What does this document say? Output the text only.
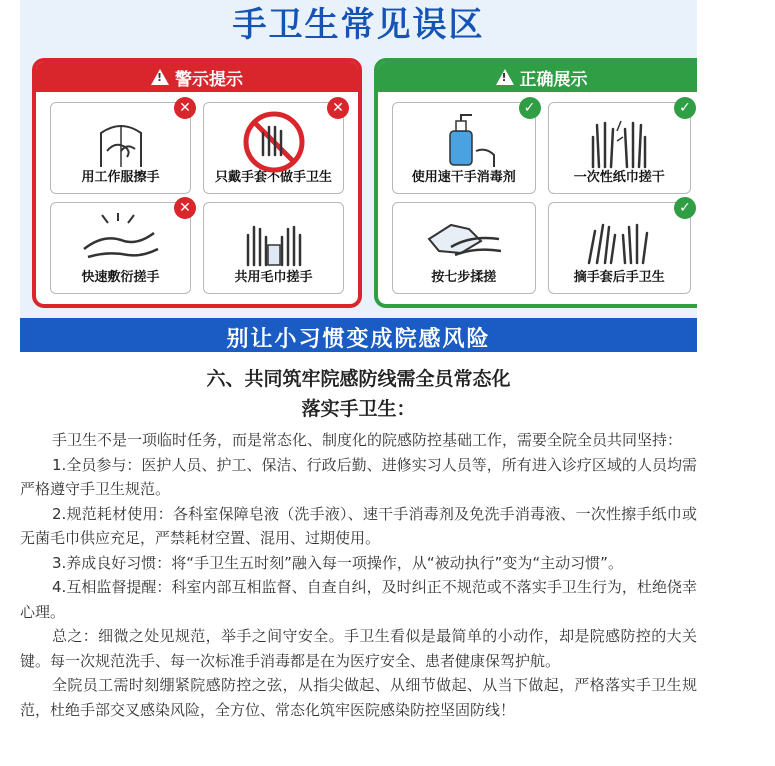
手卫生常见误区
!
警示提示
✕
用工作服擦手
✕
只戴手套不做手卫生
✕
快速敷衍搓手	共用毛巾搓手
!
正确展示
✓
使用速干手消毒剂
✓
一次性纸巾搓干
按七步揉搓
✓
摘手套后手卫生
别让小习惯变成院感风险
六、共同筑牢院感防线需全员常态化
落实手卫生：

手卫生不是一项临时任务，而是常态化、制度化的院感防控基础工作，需要全院全员共同坚持：

1.全员参与：医护人员、护工、保洁、行政后勤、进修实习人员等，所有进入诊疗区域的人员均需严格遵守手卫生规范。

2.规范耗材使用：各科室保障皂液（洗手液）、速干手消毒剂及免洗手消毒液、一次性擦手纸巾或无菌毛巾供应充足，严禁耗材空置、混用、过期使用。

3.养成良好习惯：将“手卫生五时刻”融入每一项操作，从“被动执行”变为“主动习惯”。

4.互相监督提醒：科室内部互相监督、自查自纠，及时纠正不规范或不落实手卫生行为，杜绝侥幸心理。

总之：细微之处见规范，举手之间守安全。手卫生看似是最简单的小动作，却是院感防控的大关键。每一次规范洗手、每一次标准手消毒都是在为医疗安全、患者健康保驾护航。

全院员工需时刻绷紧院感防控之弦，从指尖做起、从细节做起、从当下做起，严格落实手卫生规范，杜绝手部交叉感染风险，全方位、常态化筑牢医院感染防控坚固防线！
